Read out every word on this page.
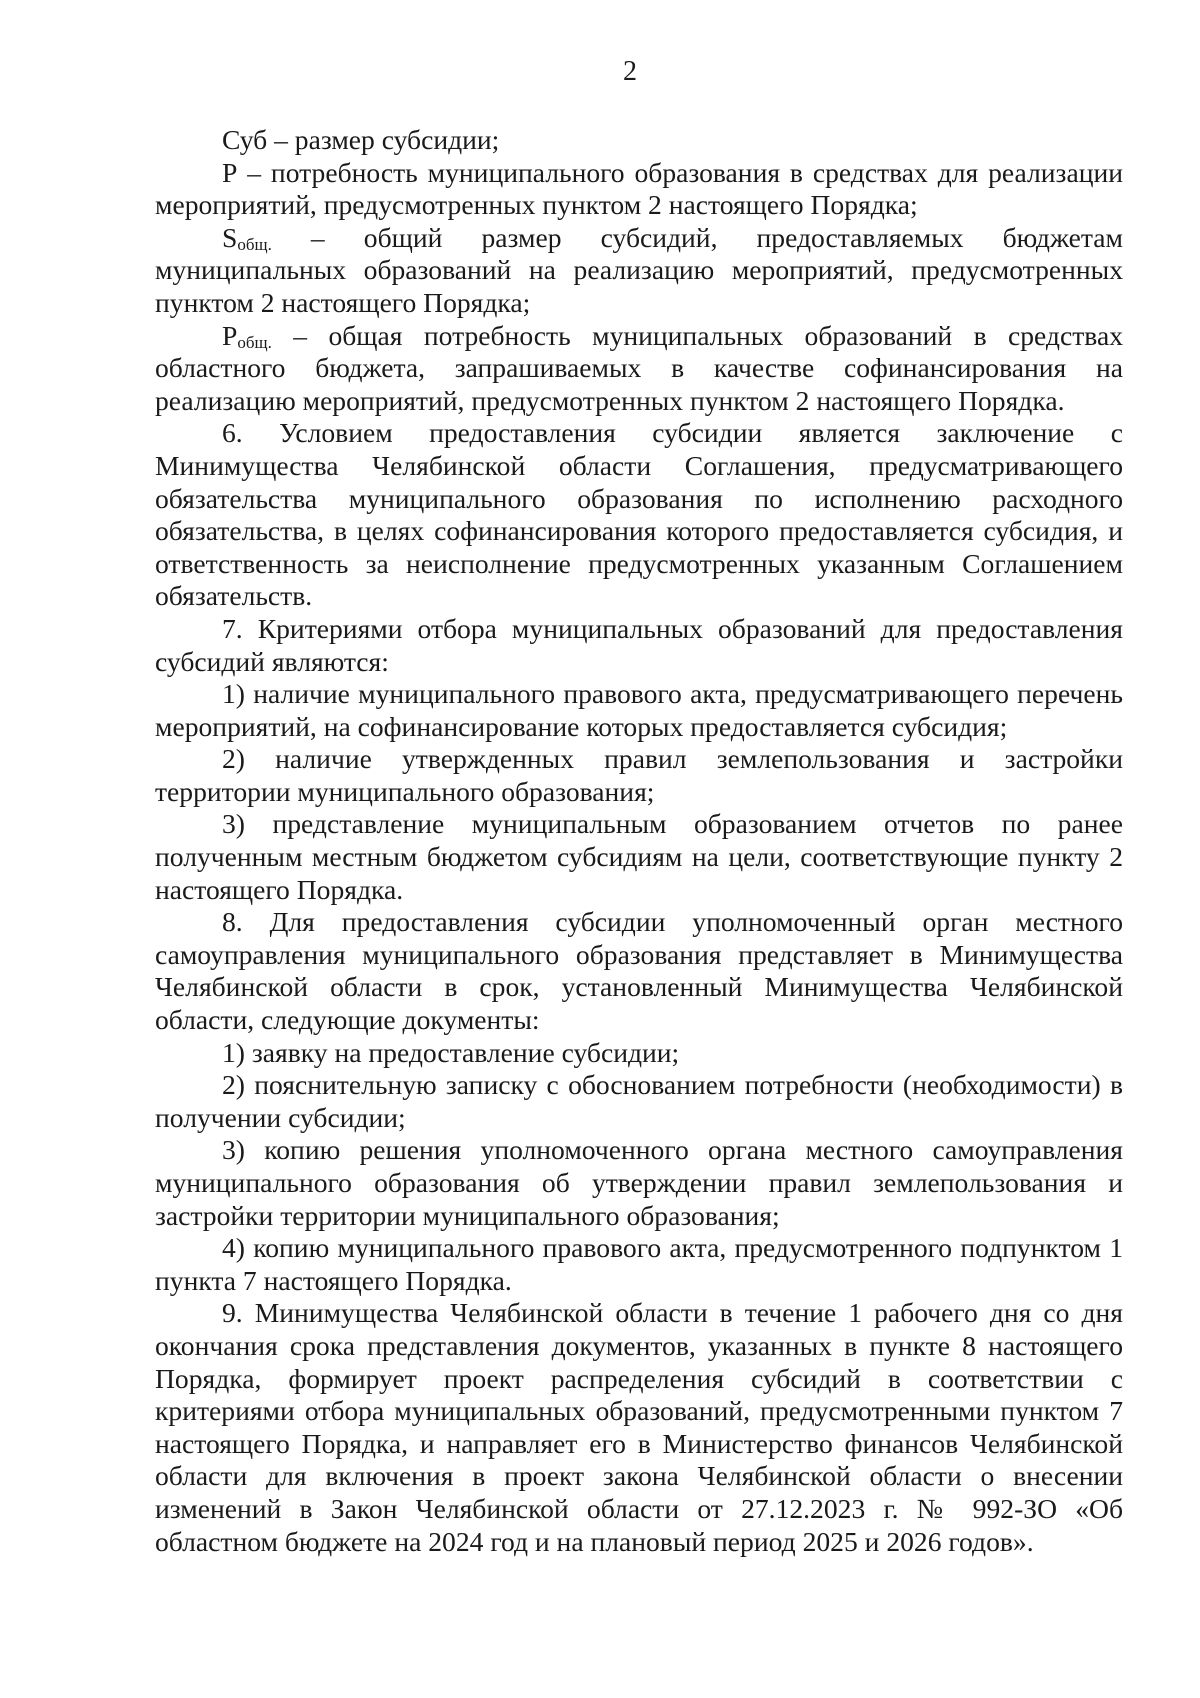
2

Суб – размер субсидии;

Р – потребность муниципального образования в средствах для реализации мероприятий, предусмотренных пунктом 2 настоящего Порядка;

$S_{общ.}$ – общий размер субсидий, предоставляемых бюджетам муниципальных образований на реализацию мероприятий, предусмотренных пунктом 2 настоящего Порядка;

$Р_{общ.}$ – общая потребность муниципальных образований в средствах областного бюджета, запрашиваемых в качестве софинансирования на реализацию мероприятий, предусмотренных пунктом 2 настоящего Порядка.

6. Условием предоставления субсидии является заключение с Минимущества Челябинской области Соглашения, предусматривающего обязательства муниципального образования по исполнению расходного обязательства, в целях софинансирования которого предоставляется субсидия, и ответственность за неисполнение предусмотренных указанным Соглашением обязательств.

7. Критериями отбора муниципальных образований для предоставления субсидий являются:

1) наличие муниципального правового акта, предусматривающего перечень мероприятий, на софинансирование которых предоставляется субсидия;

2) наличие утвержденных правил землепользования и застройки территории муниципального образования;

3) представление муниципальным образованием отчетов по ранее полученным местным бюджетом субсидиям на цели, соответствующие пункту 2 настоящего Порядка.

8. Для предоставления субсидии уполномоченный орган местного самоуправления муниципального образования представляет в Минимущества Челябинской области в срок, установленный Минимущества Челябинской области, следующие документы:

1) заявку на предоставление субсидии;

2) пояснительную записку с обоснованием потребности (необходимости) в получении субсидии;

3) копию решения уполномоченного органа местного самоуправления муниципального образования об утверждении правил землепользования и застройки территории муниципального образования;

4) копию муниципального правового акта, предусмотренного подпунктом 1 пункта 7 настоящего Порядка.

9. Минимущества Челябинской области в течение 1 рабочего дня со дня окончания срока представления документов, указанных в пункте 8 настоящего Порядка, формирует проект распределения субсидий в соответствии с критериями отбора муниципальных образований, предусмотренными пунктом 7 настоящего Порядка, и направляет его в Министерство финансов Челябинской области для включения в проект закона Челябинской области о внесении изменений в Закон Челябинской области от 27.12.2023 г. № 992-ЗО «Об областном бюджете на 2024 год и на плановый период 2025 и 2026 годов».
